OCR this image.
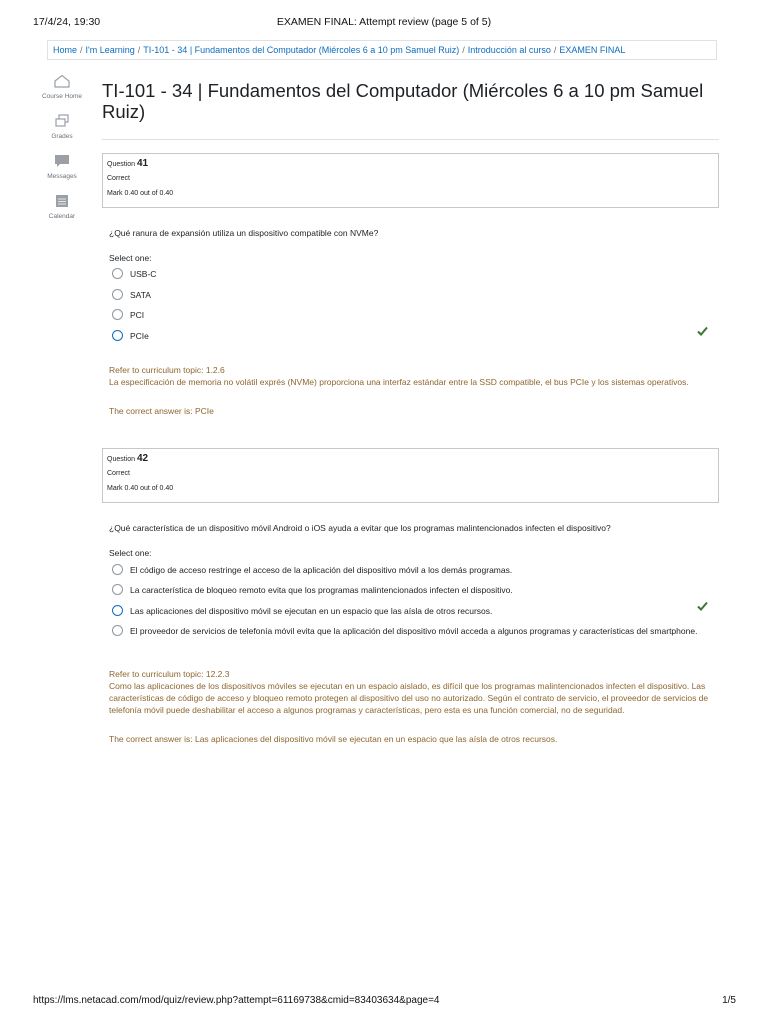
17/4/24, 19:30	EXAMEN FINAL: Attempt review (page 5 of 5)
Home / I'm Learning / TI-101 - 34 | Fundamentos del Computador (Miércoles 6 a 10 pm Samuel Ruiz) / Introducción al curso / EXAMEN FINAL
Course Home
Grades
Messages
Calendar
TI-101 - 34 | Fundamentos del Computador (Miércoles 6 a 10 pm Samuel Ruiz)
Question 41
Correct
Mark 0.40 out of 0.40
¿Qué ranura de expansión utiliza un dispositivo compatible con NVMe?
Select one:
USB-C
SATA
PCI
PCIe
Refer to curriculum topic: 1.2.6
La especificación de memoria no volátil exprés (NVMe) proporciona una interfaz estándar entre la SSD compatible, el bus PCIe y los sistemas operativos.
The correct answer is: PCIe
Question 42
Correct
Mark 0.40 out of 0.40
¿Qué característica de un dispositivo móvil Android o iOS ayuda a evitar que los programas malintencionados infecten el dispositivo?
Select one:
El código de acceso restringe el acceso de la aplicación del dispositivo móvil a los demás programas.
La característica de bloqueo remoto evita que los programas malintencionados infecten el dispositivo.
Las aplicaciones del dispositivo móvil se ejecutan en un espacio que las aísla de otros recursos.
El proveedor de servicios de telefonía móvil evita que la aplicación del dispositivo móvil acceda a algunos programas y características del smartphone.
Refer to curriculum topic: 12.2.3
Como las aplicaciones de los dispositivos móviles se ejecutan en un espacio aislado, es difícil que los programas malintencionados infecten el dispositivo. Las características de código de acceso y bloqueo remoto protegen al dispositivo del uso no autorizado. Según el contrato de servicio, el proveedor de servicios de telefonía móvil puede deshabilitar el acceso a algunos programas y características, pero esta es una función comercial, no de seguridad.
The correct answer is: Las aplicaciones del dispositivo móvil se ejecutan en un espacio que las aísla de otros recursos.
https://lms.netacad.com/mod/quiz/review.php?attempt=61169738&cmid=83403634&page=4	1/5
